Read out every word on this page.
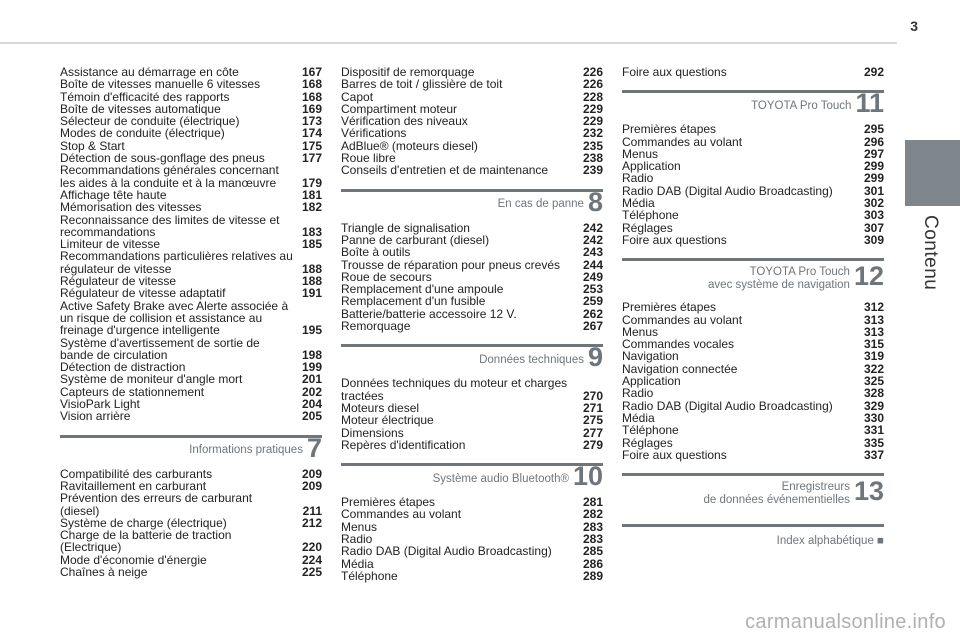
3
Contenu
Assistance au démarrage en côte	167
Boîte de vitesses manuelle 6 vitesses	168
Témoin d'efficacité des rapports	168
Boîte de vitesses automatique	169
Sélecteur de conduite (électrique)	173
Modes de conduite (électrique)	174
Stop & Start	175
Détection de sous-gonflage des pneus	177
Recommandations générales concernant les aides à la conduite et à la manœuvre	179
Affichage tête haute	181
Mémorisation des vitesses	182
Reconnaissance des limites de vitesse et recommandations	183
Limiteur de vitesse	185
Recommandations particulières relatives au régulateur de vitesse	188
Régulateur de vitesse	188
Régulateur de vitesse adaptatif	191
Active Safety Brake avec Alerte associée à un risque de collision et assistance au freinage d'urgence intelligente	195
Système d'avertissement de sortie de bande de circulation	198
Détection de distraction	199
Système de moniteur d'angle mort	201
Capteurs de stationnement	202
VisioPark Light	204
Vision arrière	205
Informations pratiques 7
Compatibilité des carburants	209
Ravitaillement en carburant	209
Prévention des erreurs de carburant (diesel)	211
Système de charge (électrique)	212
Charge de la batterie de traction (Electrique)	220
Mode d'économie d'énergie	224
Chaînes à neige	225
Dispositif de remorquage	226
Barres de toit / glissière de toit	226
Capot	228
Compartiment moteur	229
Vérification des niveaux	229
Vérifications	232
AdBlue® (moteurs diesel)	235
Roue libre	238
Conseils d'entretien et de maintenance	239
En cas de panne 8
Triangle de signalisation	242
Panne de carburant (diesel)	242
Boîte à outils	243
Trousse de réparation pour pneus crevés	244
Roue de secours	249
Remplacement d'une ampoule	253
Remplacement d'un fusible	259
Batterie/batterie accessoire 12 V.	262
Remorquage	267
Données techniques 9
Données techniques du moteur et charges tractées	270
Moteurs diesel	271
Moteur électrique	275
Dimensions	277
Repères d'identification	279
Système audio Bluetooth® 10
Premières étapes	281
Commandes au volant	282
Menus	283
Radio	283
Radio DAB (Digital Audio Broadcasting)	285
Média	286
Téléphone	289
Foire aux questions	292
TOYOTA Pro Touch 11
Premières étapes	295
Commandes au volant	296
Menus	297
Application	299
Radio	299
Radio DAB (Digital Audio Broadcasting)	301
Média	302
Téléphone	303
Réglages	307
Foire aux questions	309
TOYOTA Pro Touch
avec système de navigation 12
Premières étapes	312
Commandes au volant	313
Menus	313
Commandes vocales	315
Navigation	319
Navigation connectée	322
Application	325
Radio	328
Radio DAB (Digital Audio Broadcasting)	329
Média	330
Téléphone	331
Réglages	335
Foire aux questions	337
Enregistreurs
de données événementielles 13
Index alphabétique ■
carmanualsonline.info
